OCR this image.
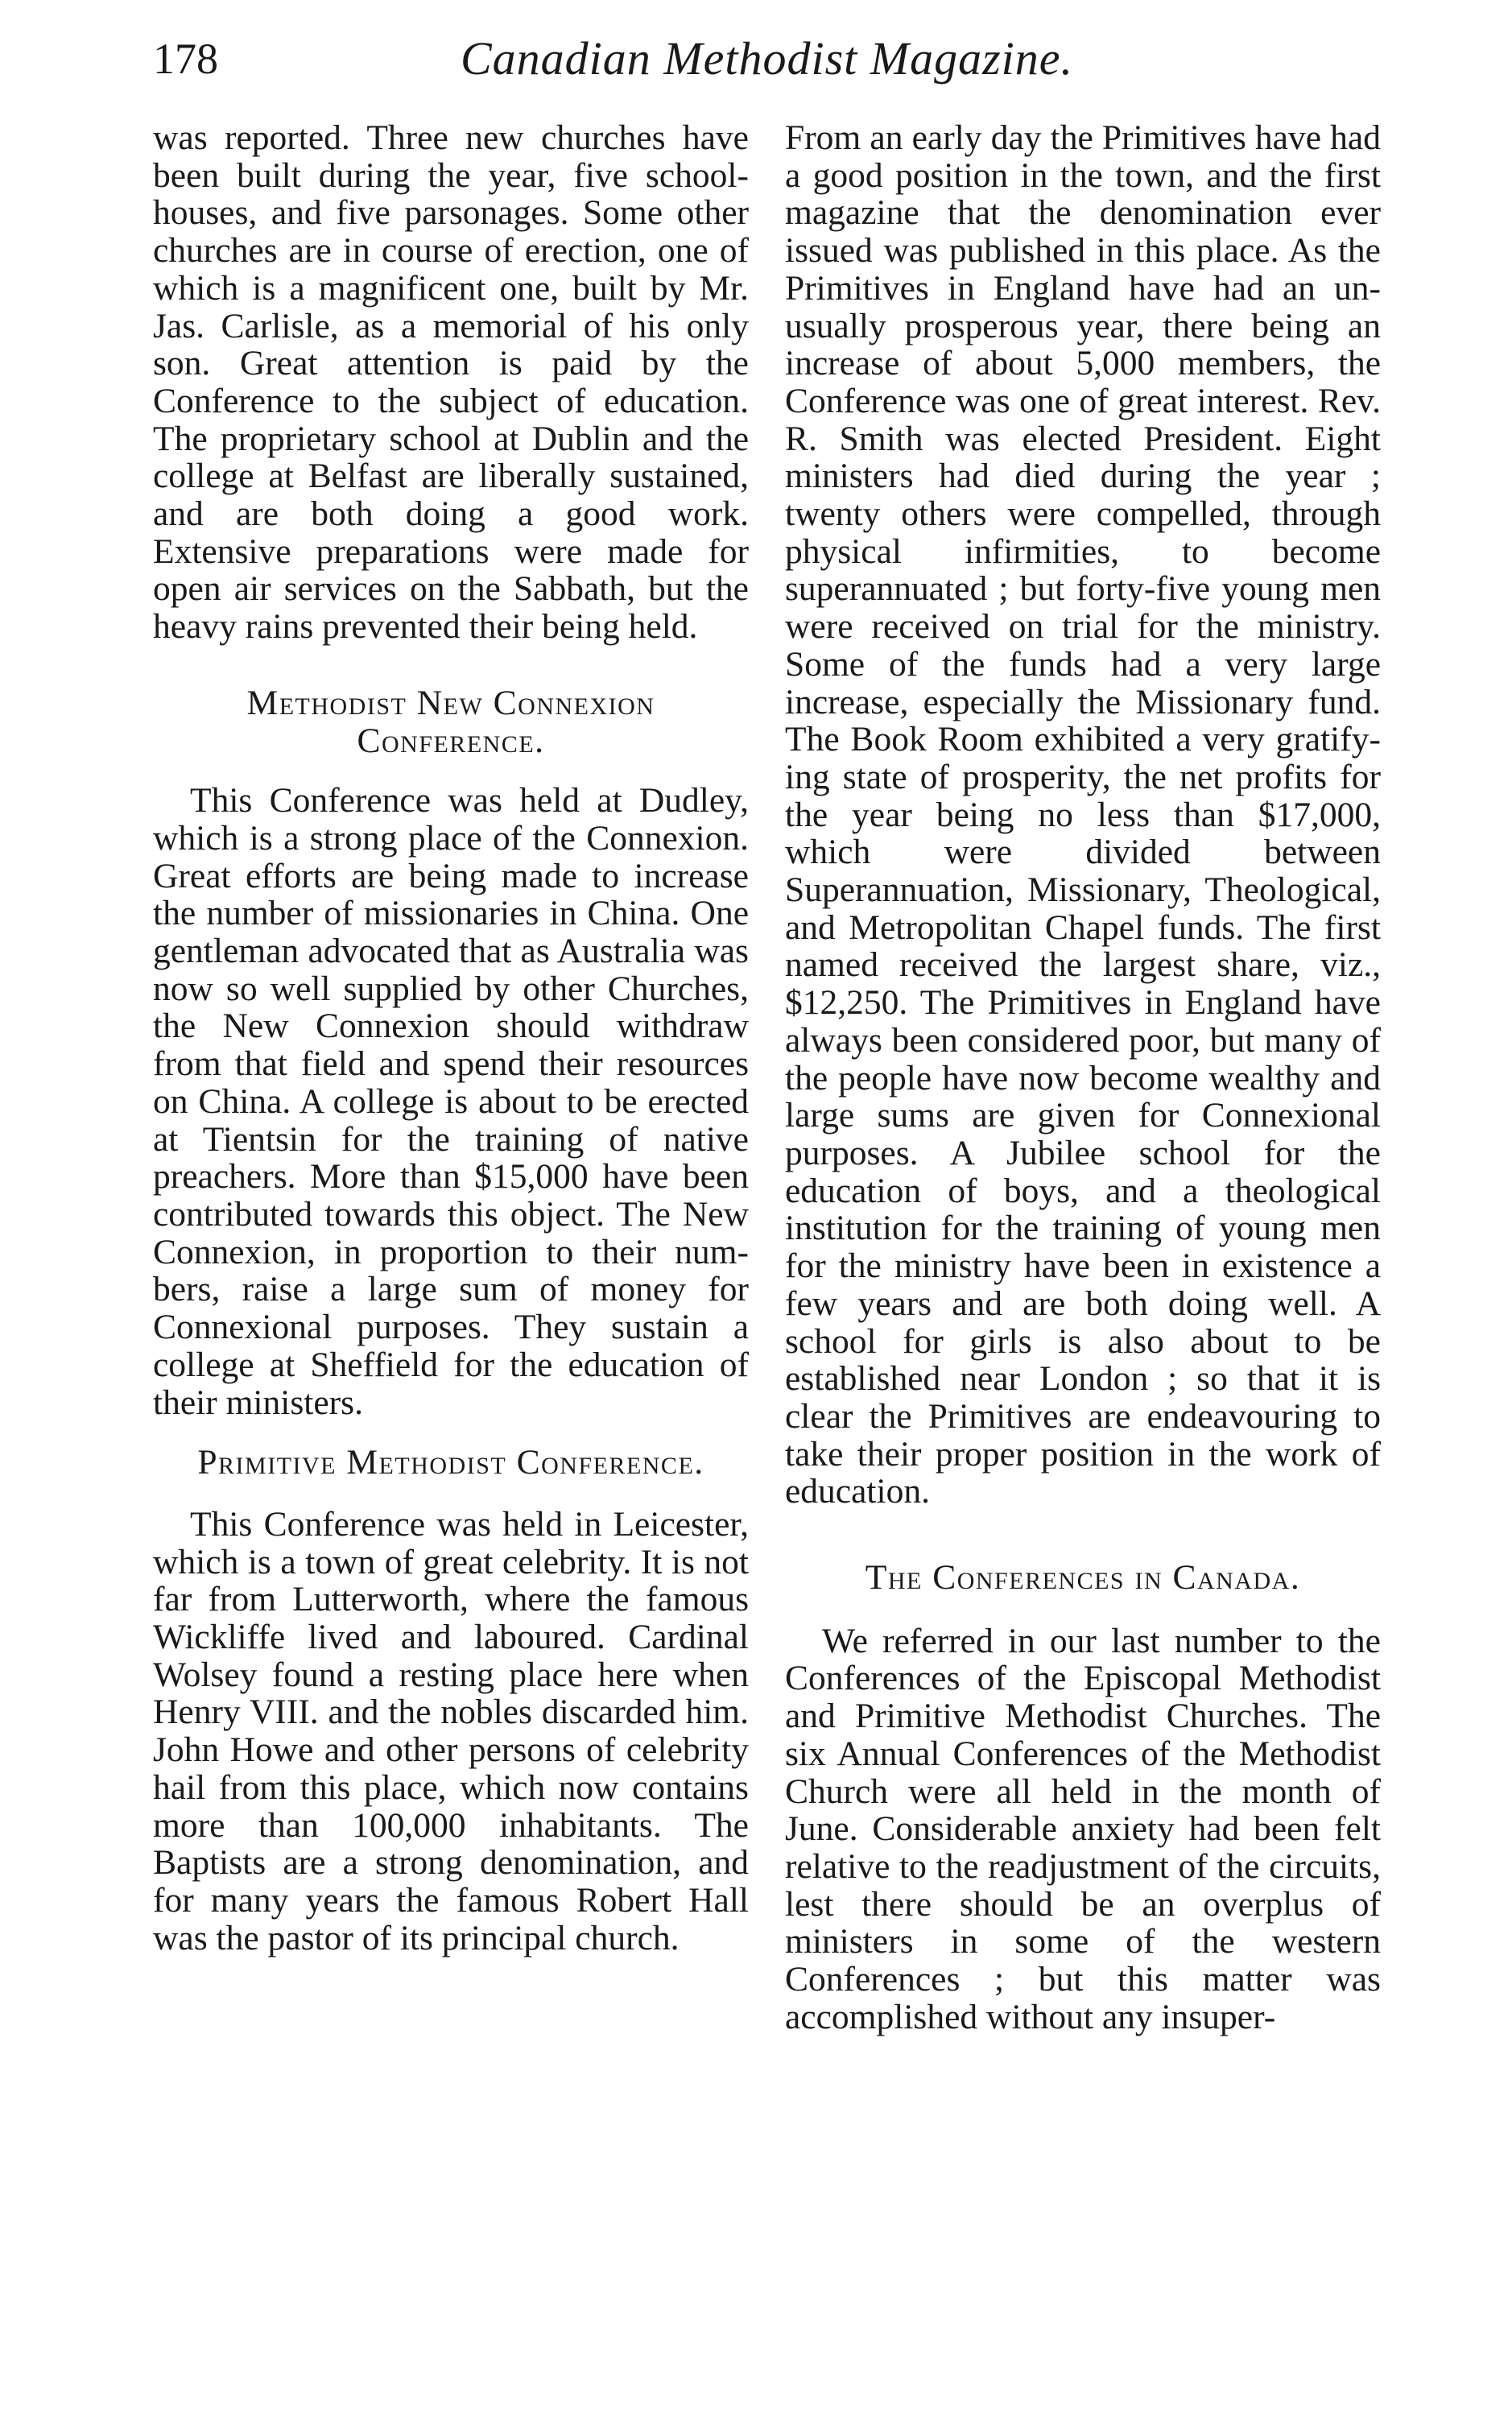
178	Canadian Methodist Magazine.

was reported. Three new churches have been built during the year, five school-houses, and five parsonages. Some other churches are in course of erection, one of which is a magnificent one, built by Mr. Jas. Carlisle, as a memorial of his only son. Great attention is paid by the Conference to the subject of education. The proprietary school at Dublin and the college at Belfast are liberally sustained, and are both doing a good work. Extensive preparations were made for open air services on the Sabbath, but the heavy rains prevented their being held.

Methodist New Connexion Conference.

This Conference was held at Dudley, which is a strong place of the Connexion. Great efforts are being made to increase the number of missionaries in China. One gentleman advocated that as Australia was now so well supplied by other Churches, the New Connexion should withdraw from that field and spend their resources on China. A college is about to be erected at Tientsin for the training of native preachers. More than $15,000 have been contributed towards this object. The New Connexion, in proportion to their numbers, raise a large sum of money for Connexional purposes. They sustain a college at Sheffield for the education of their ministers.

Primitive Methodist Conference.

This Conference was held in Leicester, which is a town of great celebrity. It is not far from Lutterworth, where the famous Wickliffe lived and laboured. Cardinal Wolsey found a resting place here when Henry VIII. and the nobles discarded him. John Howe and other persons of celebrity hail from this place, which now contains more than 100,000 inhabitants. The Baptists are a strong denomination, and for many years the famous Robert Hall was the pastor of its principal church.

From an early day the Primitives have had a good position in the town, and the first magazine that the denomination ever issued was published in this place. As the Primitives in England have had an unusually prosperous year, there being an increase of about 5,000 members, the Conference was one of great interest. Rev. R. Smith was elected President. Eight ministers had died during the year ; twenty others were compelled, through physical infirmities, to become superannuated ; but forty-five young men were received on trial for the ministry. Some of the funds had a very large increase, especially the Missionary fund. The Book Room exhibited a very gratifying state of prosperity, the net profits for the year being no less than $17,000, which were divided between Superannuation, Missionary, Theological, and Metropolitan Chapel funds. The first named received the largest share, viz., $12,250. The Primitives in England have always been considered poor, but many of the people have now become wealthy and large sums are given for Connexional purposes. A Jubilee school for the education of boys, and a theological institution for the training of young men for the ministry have been in existence a few years and are both doing well. A school for girls is also about to be established near London ; so that it is clear the Primitives are endeavouring to take their proper position in the work of education.

The Conferences in Canada.

We referred in our last number to the Conferences of the Episcopal Methodist and Primitive Methodist Churches. The six Annual Conferences of the Methodist Church were all held in the month of June. Considerable anxiety had been felt relative to the readjustment of the circuits, lest there should be an overplus of ministers in some of the western Conferences ; but this matter was accomplished without any insuper-
